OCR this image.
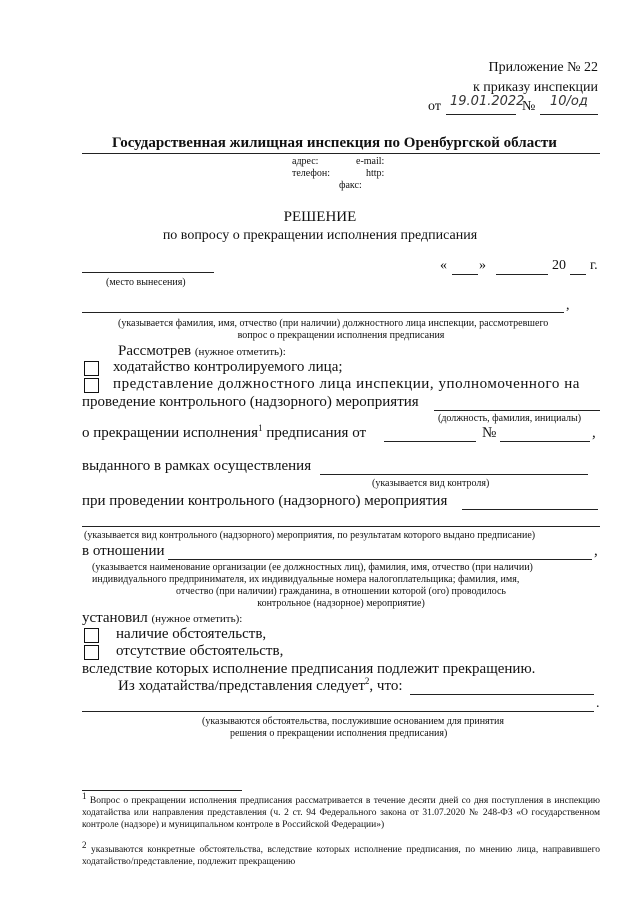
Приложение № 22
к приказу инспекции
от 19.01.2022
№ 10/од
Государственная жилищная инспекция по Оренбургской области
адрес:	e-mail:
телефон:	http:
факс:
РЕШЕНИЕ
по вопросу о прекращении исполнения предписания
(место вынесения)
« »	20 г.
,
(указывается фамилия, имя, отчество (при наличии) должностного лица инспекции, рассмотревшего
вопрос о прекращении исполнения предписания
Рассмотрев (нужное отметить):
ходатайство контролируемого лица;
представление должностного лица инспекции, уполномоченного на
проведение контрольного (надзорного) мероприятия
(должность, фамилия, инициалы)
о прекращении исполнения$^1$ предписания от	№	,
выданного в рамках осуществления
(указывается вид контроля)
при проведении контрольного (надзорного) мероприятия
(указывается вид контрольного (надзорного) мероприятия, по результатам которого выдано предписание)
в отношении	,
(указывается наименование организации (ее должностных лиц), фамилия, имя, отчество (при наличии)
индивидуального предпринимателя, их индивидуальные номера налогоплательщика; фамилия, имя,
отчество (при наличии) гражданина, в отношении которой (ого) проводилось
контрольное (надзорное) мероприятие)
установил (нужное отметить):
наличие обстоятельств,
отсутствие обстоятельств,
вследствие которых исполнение предписания подлежит прекращению.
Из ходатайства/представления следует$^2$, что:
.
(указываются обстоятельства, послужившие основанием для принятия
решения о прекращении исполнения предписания)
$^1$ Вопрос о прекращении исполнения предписания рассматривается в течение десяти дней со дня поступления в инспекцию ходатайства или направления представления (ч. 2 ст. 94 Федерального закона от 31.07.2020 № 248-ФЗ «О государственном контроле (надзоре) и муниципальном контроле в Российской Федерации»)
$^2$ указываются конкретные обстоятельства, вследствие которых исполнение предписания, по мнению лица, направившего ходатайство/представление, подлежит прекращению
